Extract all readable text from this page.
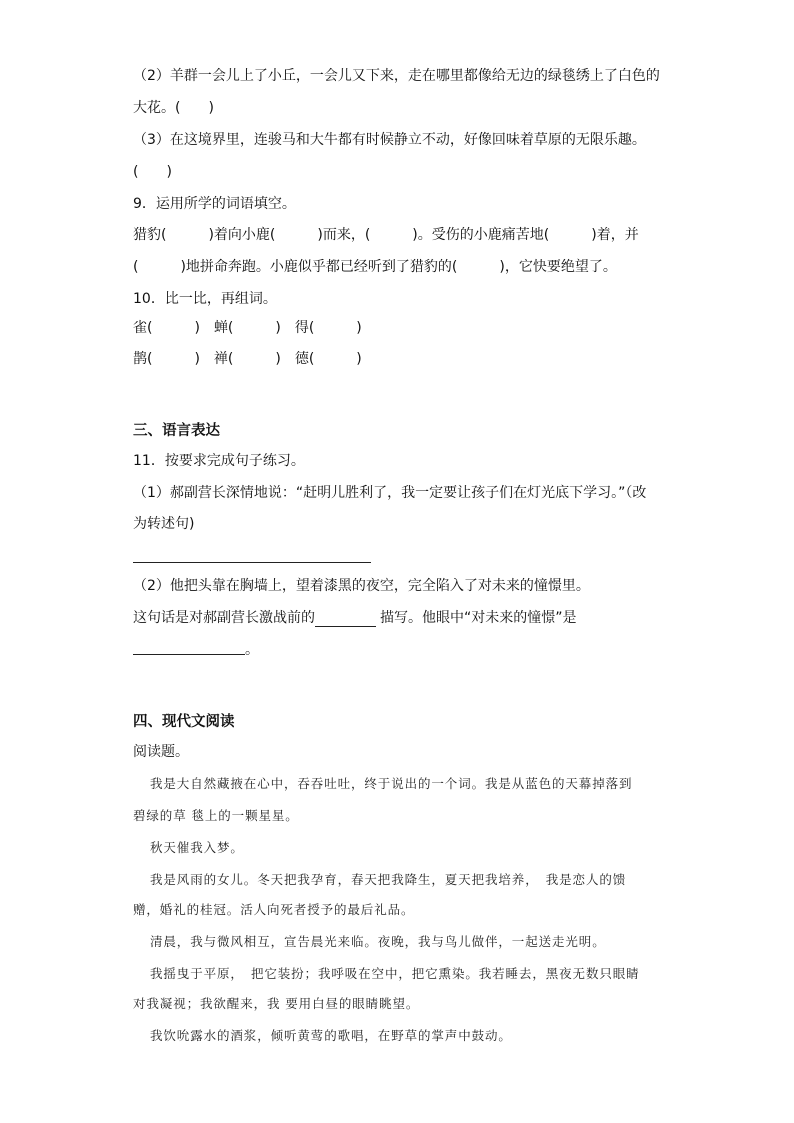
（2）羊群一会儿上了小丘，一会儿又下来，走在哪里都像给无边的绿毯绣上了白色的
大花。(　　)
（3）在这境界里，连骏马和大牛都有时候静立不动，好像回味着草原的无限乐趣。
(　　)
9．运用所学的词语填空。
猎豹(　　　)着向小鹿(　　　)而来，(　　　)。受伤的小鹿痛苦地(　　　)着，并
(　　　)地拼命奔跑。小鹿似乎都已经听到了猎豹的(　　　)，它快要绝望了。
10．比一比，再组词。
雀(　　　)　蝉(　　　)　得(　　　)
鹊(　　　)　禅(　　　)　德(　　　)
三、语言表达
11．按要求完成句子练习。
（1）郝副营长深情地说：“赶明儿胜利了，我一定要让孩子们在灯光底下学习。”（改
为转述句)
（2）他把头靠在胸墙上，望着漆黑的夜空，完全陷入了对未来的憧憬里。
这句话是对郝副营长激战前的	描写。他眼中“对未来的憧憬”是
。
四、现代文阅读
阅读题。
我是大自然藏掖在心中，吞吞吐吐，终于说出的一个词。我是从蓝色的天幕掉落到
碧绿的草 毯上的一颗星星。
秋天催我入梦。
我是风雨的女儿。冬天把我孕育，春天把我降生，夏天把我培养，　我是恋人的馈
赠，婚礼的桂冠。活人向死者授予的最后礼品。
清晨，我与微风相互，宣告晨光来临。夜晚，我与鸟儿做伴，一起送走光明。
我摇曳于平原，　把它装扮；我呼吸在空中，把它熏染。我若睡去，黑夜无数只眼睛
对我凝视；我欲醒来，我 要用白昼的眼睛眺望。
我饮吮露水的酒浆，倾听黄莺的歌唱，在野草的掌声中鼓动。
